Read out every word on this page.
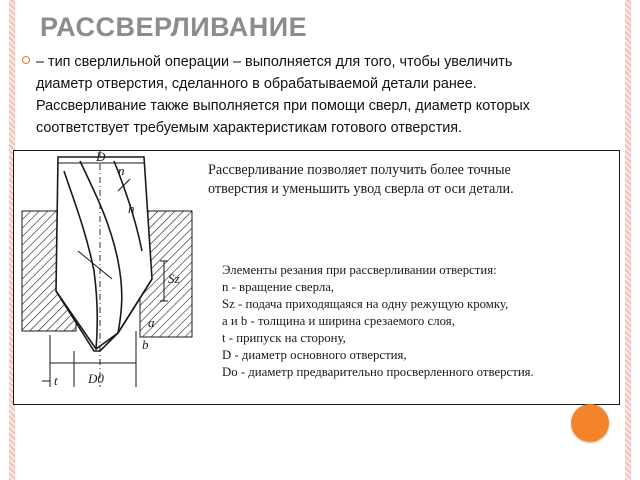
РАССВЕРЛИВАНИЕ

– тип сверлильной операции – выполняется для того, чтобы увеличить
диаметр отверстия, сделанного в обрабатываемой детали ранее.
Рассверливание также выполняется при помощи сверл, диаметр которых
соответствует требуемым характеристикам готового отверстия.

D
n
h
Sz
a
b
t D0

Рассверливание позволяет получить более точные
отверстия и уменьшить увод сверла от оси детали.

Элементы резания при рассверливании отверстия:
n - вращение сверла,
Sz - подача приходящаяся на одну режущую кромку,
a и b - толщина и ширина срезаемого слоя,
t - припуск на сторону,
D - диаметр основного отверстия,
Do - диаметр предварительно просверленного отверстия.
